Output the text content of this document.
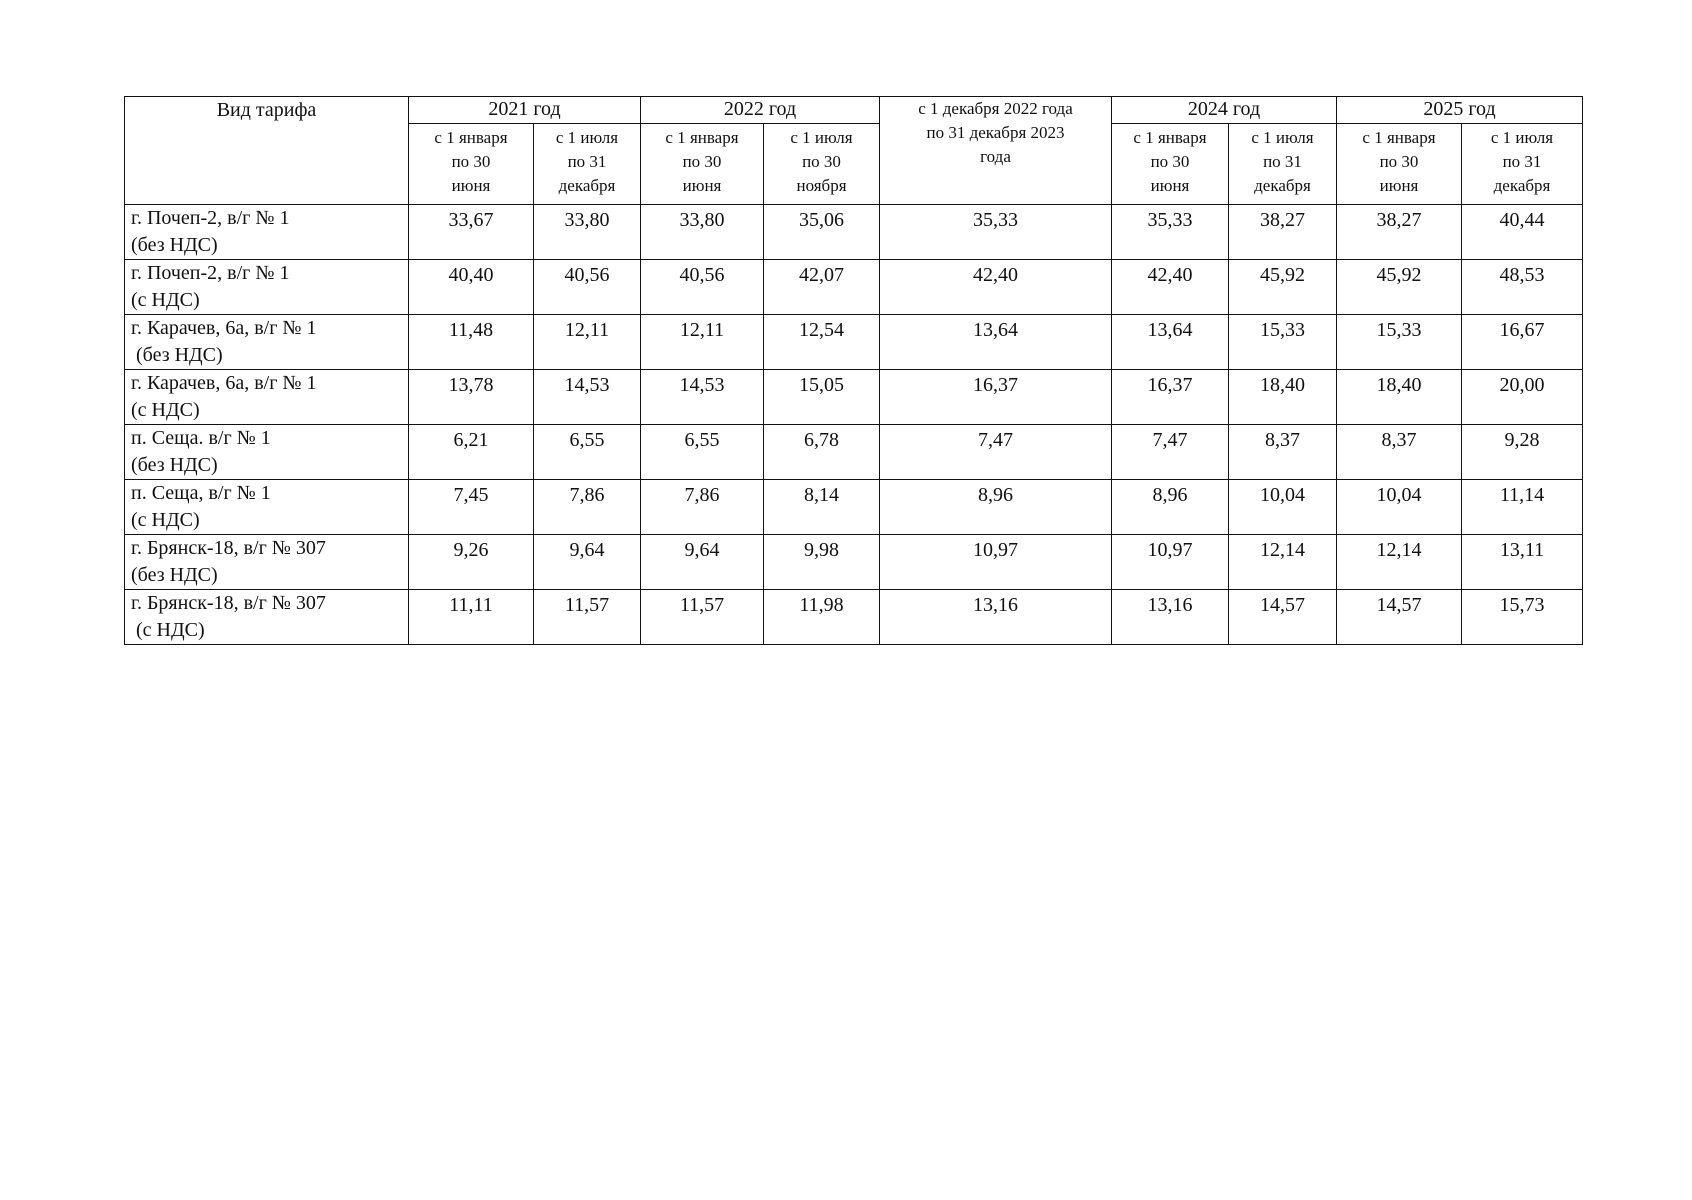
Вид тарифа	2021 год		2022 год		с 1 декабря 2022 года
по 31 декабря 2023
года	2024 год		2025 год	

	с 1 января
по 30
июня	с 1 июля
по 31
декабря	с 1 января
по 30
июня	с 1 июля
по 30
ноября		с 1 января
по 30
июня	с 1 июля
по 31
декабря	с 1 января
по 30
июня	с 1 июля
по 31
декабря

г. Почеп-2, в/г № 1
(без НДС)	33,67	33,80	33,80	35,06	35,33	35,33	38,27	38,27	40,44

г. Почеп-2, в/г № 1
(с НДС)	40,40	40,56	40,56	42,07	42,40	42,40	45,92	45,92	48,53

г. Карачев, 6а, в/г № 1
(без НДС)	11,48	12,11	12,11	12,54	13,64	13,64	15,33	15,33	16,67

г. Карачев, 6а, в/г № 1
(с НДС)	13,78	14,53	14,53	15,05	16,37	16,37	18,40	18,40	20,00

п. Сеща. в/г № 1
(без НДС)	6,21	6,55	6,55	6,78	7,47	7,47	8,37	8,37	9,28

п. Сеща, в/г № 1
(с НДС)	7,45	7,86	7,86	8,14	8,96	8,96	10,04	10,04	11,14

г. Брянск-18, в/г № 307
(без НДС)	9,26	9,64	9,64	9,98	10,97	10,97	12,14	12,14	13,11

г. Брянск-18, в/г № 307
(с НДС)	11,11	11,57	11,57	11,98	13,16	13,16	14,57	14,57	15,73
